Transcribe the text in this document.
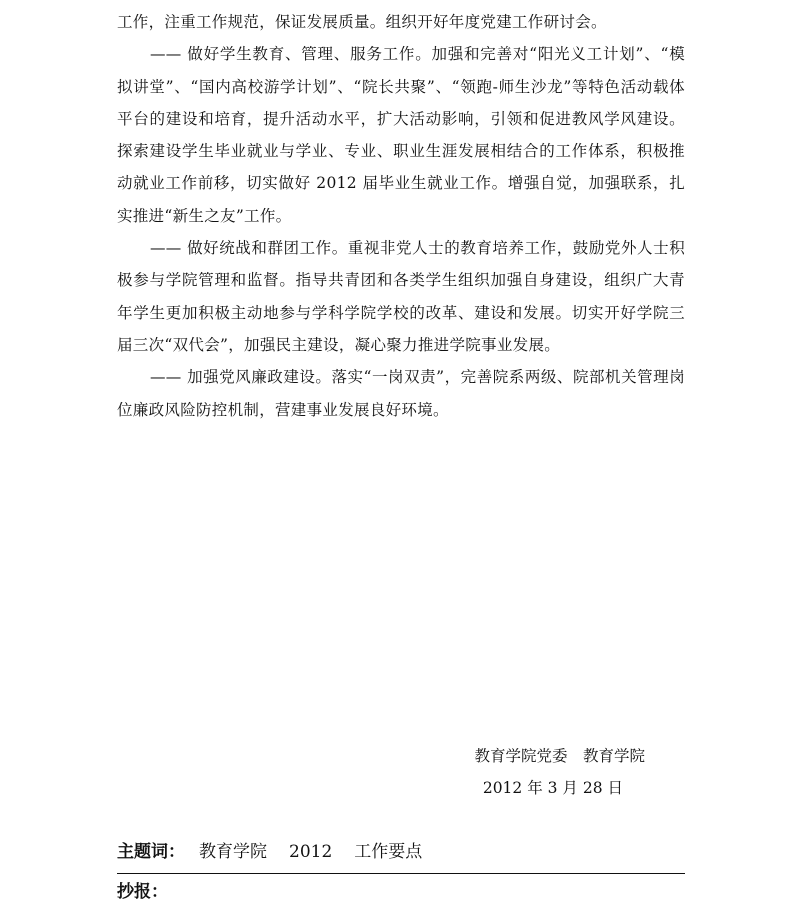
工作，注重工作规范，保证发展质量。组织开好年度党建工作研讨会。

—— 做好学生教育、管理、服务工作。加强和完善对“阳光义工计划”、“模拟讲堂”、“国内高校游学计划”、“院长共聚”、“领跑-师生沙龙”等特色活动载体平台的建设和培育，提升活动水平，扩大活动影响，引领和促进教风学风建设。探索建设学生毕业就业与学业、专业、职业生涯发展相结合的工作体系，积极推动就业工作前移，切实做好 2012 届毕业生就业工作。增强自觉，加强联系，扎实推进“新生之友”工作。

—— 做好统战和群团工作。重视非党人士的教育培养工作，鼓励党外人士积极参与学院管理和监督。指导共青团和各类学生组织加强自身建设，组织广大青年学生更加积极主动地参与学科学院学校的改革、建设和发展。切实开好学院三届三次“双代会”，加强民主建设，凝心聚力推进学院事业发展。

—— 加强党风廉政建设。落实“一岗双责”，完善院系两级、院部机关管理岗位廉政风险防控机制，营建事业发展良好环境。

教育学院党委　教育学院
2012 年 3 月 28 日
主题词： 教育学院 2012 工作要点
抄报：
